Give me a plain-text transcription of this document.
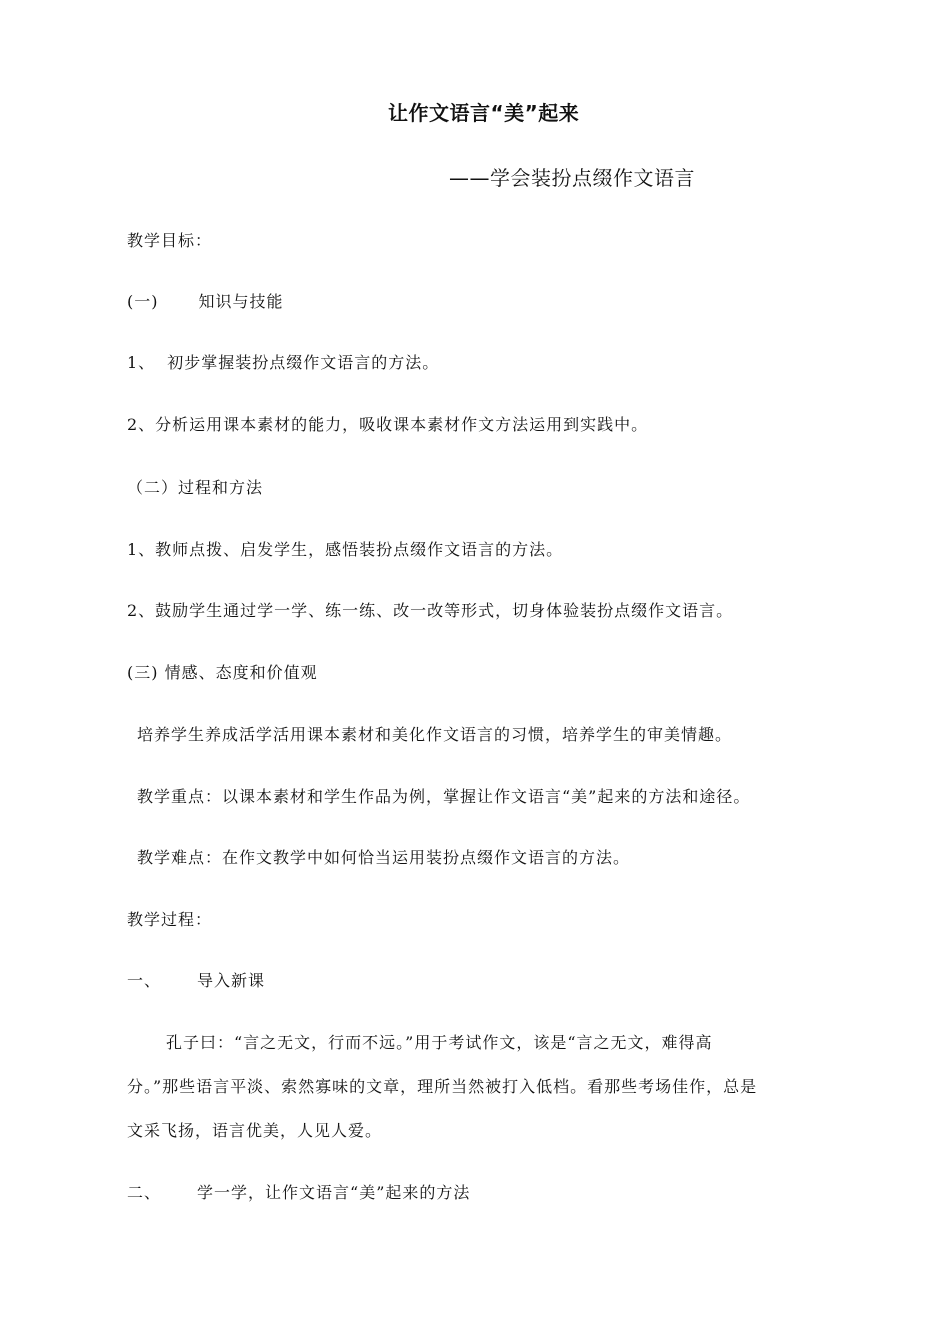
让作文语言“美”起来
——学会装扮点缀作文语言
教学目标：
(一)	知识与技能
1、 初步掌握装扮点缀作文语言的方法。
2、分析运用课本素材的能力，吸收课本素材作文方法运用到实践中。
（二）过程和方法
1、教师点拨、启发学生，感悟装扮点缀作文语言的方法。
2、鼓励学生通过学一学、练一练、改一改等形式，切身体验装扮点缀作文语言。
(三) 情感、态度和价值观
培养学生养成活学活用课本素材和美化作文语言的习惯，培养学生的审美情趣。
教学重点：以课本素材和学生作品为例，掌握让作文语言“美”起来的方法和途径。
教学难点：在作文教学中如何恰当运用装扮点缀作文语言的方法。
教学过程：
一、 导入新课
孔子曰：“言之无文，行而不远。”用于考试作文，该是“言之无文，难得高
分。”那些语言平淡、索然寡味的文章，理所当然被打入低档。看那些考场佳作，总是
文采飞扬，语言优美，人见人爱。
二、 学一学，让作文语言“美”起来的方法
